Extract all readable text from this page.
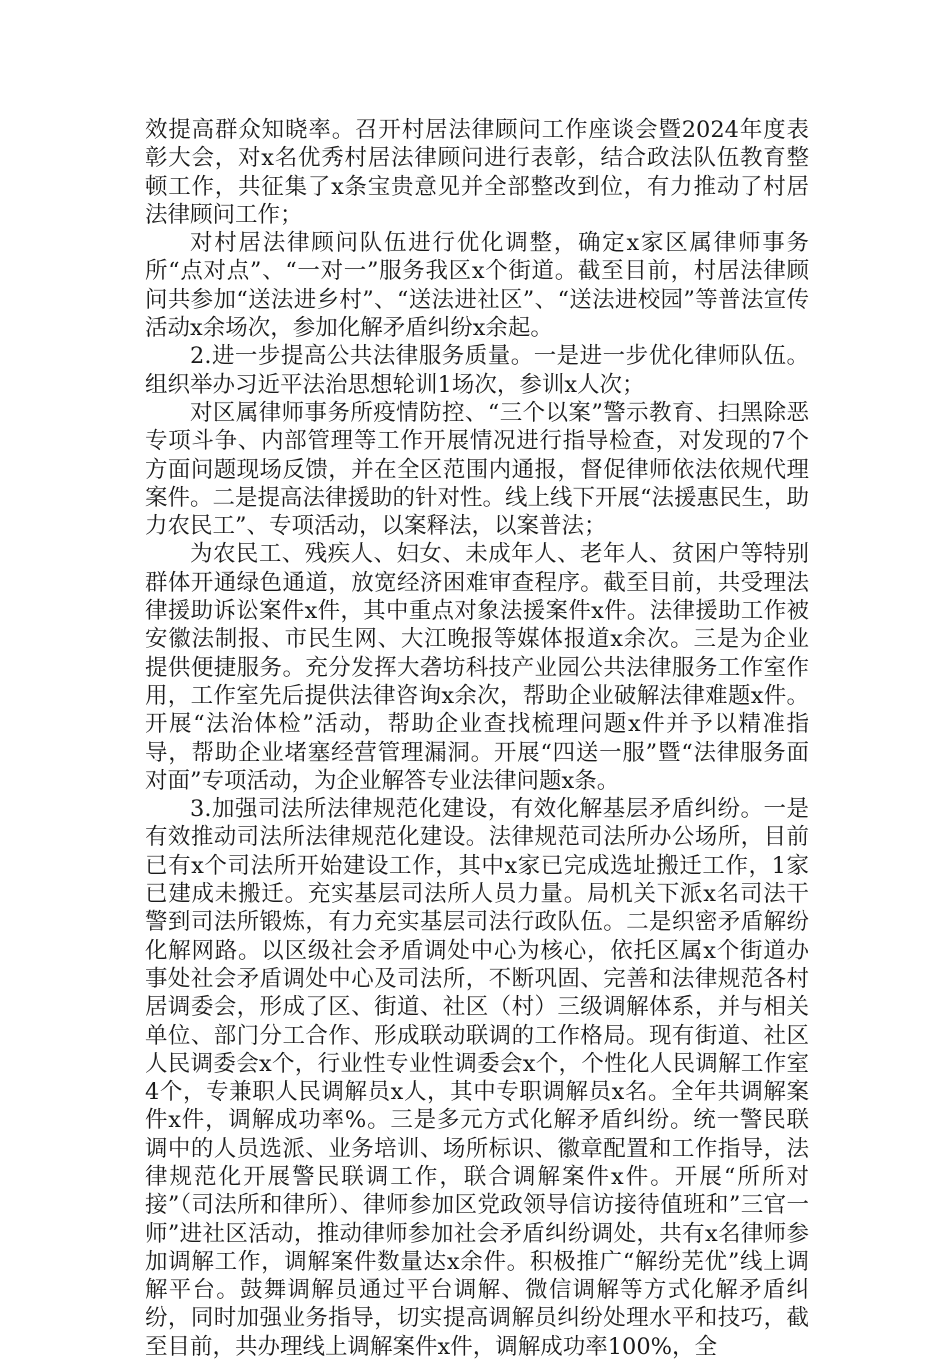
效提高群众知晓率。召开村居法律顾问工作座谈会暨2024年度表彰大会，对x名优秀村居法律顾问进行表彰，结合政法队伍教育整顿工作，共征集了x条宝贵意见并全部整改到位，有力推动了村居法律顾问工作；

对村居法律顾问队伍进行优化调整，确定x家区属律师事务所“点对点”、“一对一”服务我区x个街道。截至目前，村居法律顾问共参加“送法进乡村”、“送法进社区”、“送法进校园”等普法宣传活动x余场次，参加化解矛盾纠纷x余起。

2.进一步提高公共法律服务质量。一是进一步优化律师队伍。组织举办习近平法治思想轮训1场次，参训x人次；

对区属律师事务所疫情防控、“三个以案”警示教育、扫黑除恶专项斗争、内部管理等工作开展情况进行指导检查，对发现的7个方面问题现场反馈，并在全区范围内通报，督促律师依法依规代理案件。二是提高法律援助的针对性。线上线下开展“法援惠民生，助力农民工”、专项活动，以案释法，以案普法；

为农民工、残疾人、妇女、未成年人、老年人、贫困户等特别群体开通绿色通道，放宽经济困难审查程序。截至目前，共受理法律援助诉讼案件x件，其中重点对象法援案件x件。法律援助工作被安徽法制报、市民生网、大江晚报等媒体报道x余次。三是为企业提供便捷服务。充分发挥大砻坊科技产业园公共法律服务工作室作用，工作室先后提供法律咨询x余次，帮助企业破解法律难题x件。开展“法治体检”活动，帮助企业查找梳理问题x件并予以精准指导，帮助企业堵塞经营管理漏洞。开展“四送一服”暨“法律服务面对面”专项活动，为企业解答专业法律问题x条。

3.加强司法所法律规范化建设，有效化解基层矛盾纠纷。一是有效推动司法所法律规范化建设。法律规范司法所办公场所，目前已有x个司法所开始建设工作，其中x家已完成选址搬迁工作，1家已建成未搬迁。充实基层司法所人员力量。局机关下派x名司法干警到司法所锻炼，有力充实基层司法行政队伍。二是织密矛盾解纷化解网路。以区级社会矛盾调处中心为核心，依托区属x个街道办事处社会矛盾调处中心及司法所，不断巩固、完善和法律规范各村居调委会，形成了区、街道、社区（村）三级调解体系，并与相关单位、部门分工合作、形成联动联调的工作格局。现有街道、社区人民调委会x个，行业性专业性调委会x个，个性化人民调解工作室4个，专兼职人民调解员x人，其中专职调解员x名。全年共调解案件x件，调解成功率%。三是多元方式化解矛盾纠纷。统一警民联调中的人员选派、业务培训、场所标识、徽章配置和工作指导，法律规范化开展警民联调工作，联合调解案件x件。开展“所所对接”（司法所和律所）、律师参加区党政领导信访接待值班和”三官一师”进社区活动，推动律师参加社会矛盾纠纷调处，共有x名律师参加调解工作，调解案件数量达x余件。积极推广“解纷芜优”线上调解平台。鼓舞调解员通过平台调解、微信调解等方式化解矛盾纠纷，同时加强业务指导，切实提高调解员纠纷处理水平和技巧，截至目前，共办理线上调解案件x件，调解成功率100%，全
